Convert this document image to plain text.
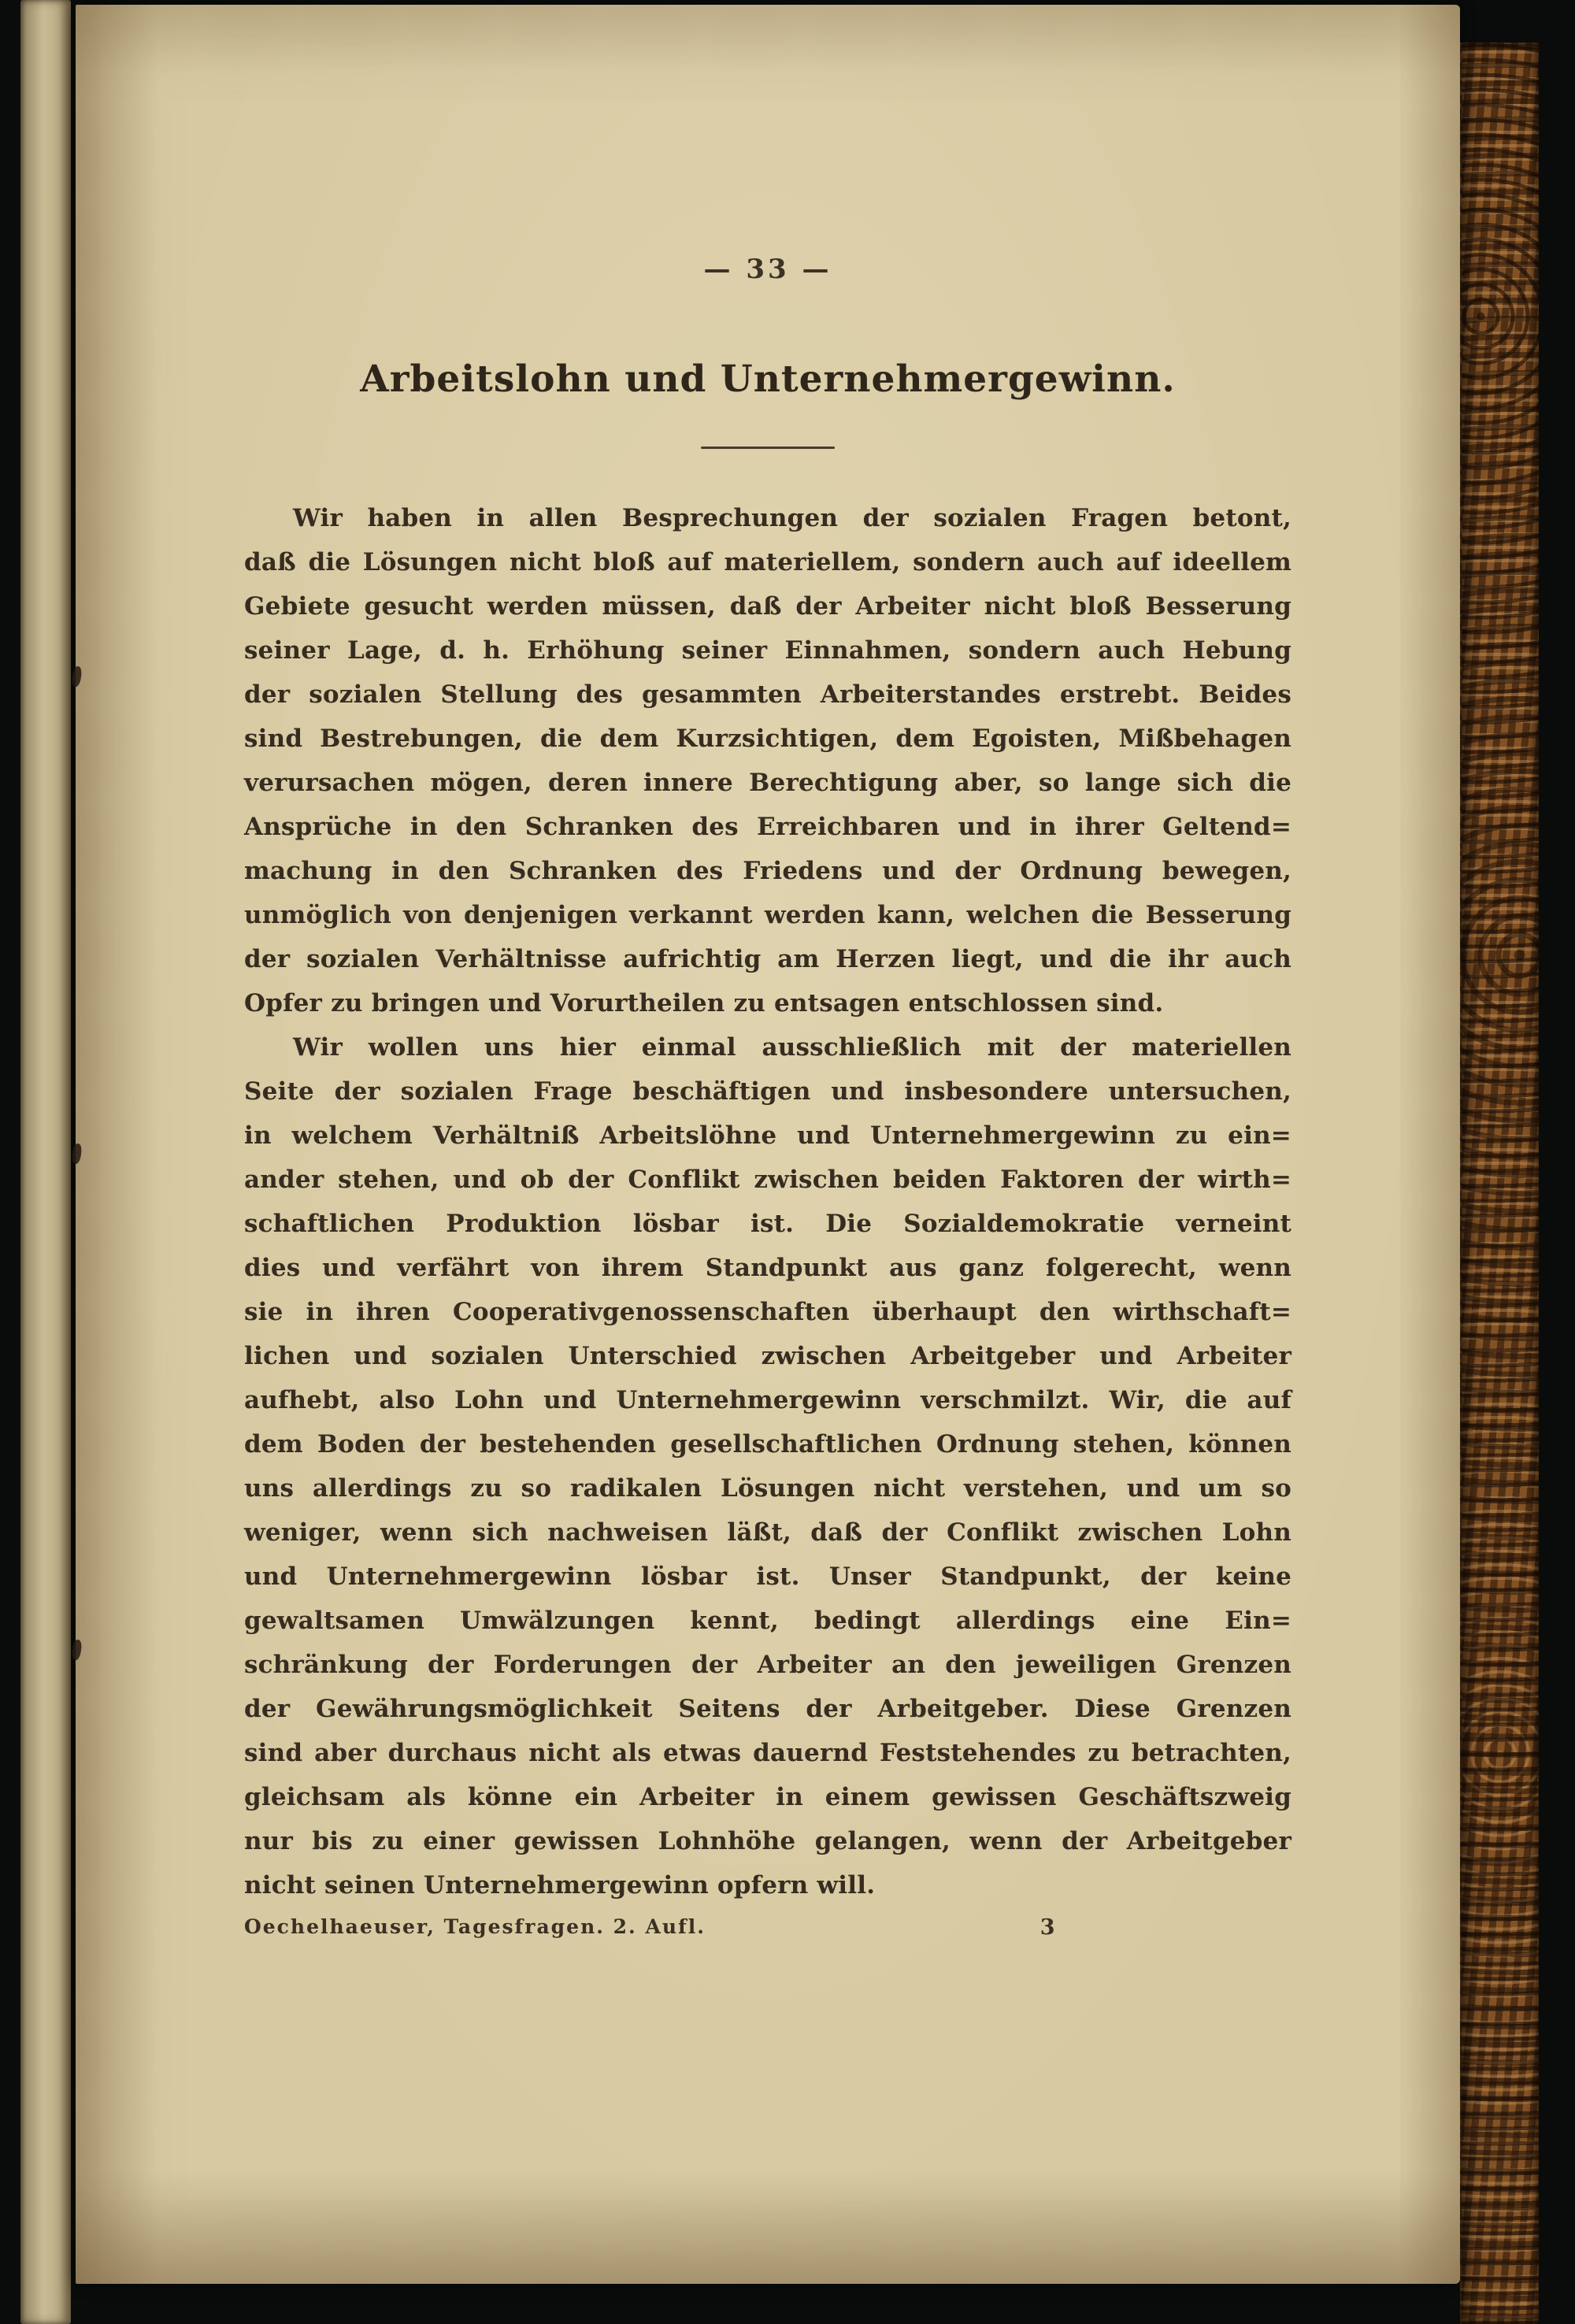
— 33 —
Arbeitslohn und Unternehmergewinn.
Wir haben in allen Besprechungen der sozialen Fragen betont,
daß die Lösungen nicht bloß auf materiellem, sondern auch auf ideellem
Gebiete gesucht werden müssen, daß der Arbeiter nicht bloß Besserung
seiner Lage, d. h. Erhöhung seiner Einnahmen, sondern auch Hebung
der sozialen Stellung des gesammten Arbeiterstandes erstrebt. Beides
sind Bestrebungen, die dem Kurzsichtigen, dem Egoisten, Mißbehagen
verursachen mögen, deren innere Berechtigung aber, so lange sich die
Ansprüche in den Schranken des Erreichbaren und in ihrer Geltend=
machung in den Schranken des Friedens und der Ordnung bewegen,
unmöglich von denjenigen verkannt werden kann, welchen die Besserung
der sozialen Verhältnisse aufrichtig am Herzen liegt, und die ihr auch
Opfer zu bringen und Vorurtheilen zu entsagen entschlossen sind.
Wir wollen uns hier einmal ausschließlich mit der materiellen
Seite der sozialen Frage beschäftigen und insbesondere untersuchen,
in welchem Verhältniß Arbeitslöhne und Unternehmergewinn zu ein=
ander stehen, und ob der Conflikt zwischen beiden Faktoren der wirth=
schaftlichen Produktion lösbar ist. Die Sozialdemokratie verneint
dies und verfährt von ihrem Standpunkt aus ganz folgerecht, wenn
sie in ihren Cooperativgenossenschaften überhaupt den wirthschaft=
lichen und sozialen Unterschied zwischen Arbeitgeber und Arbeiter
aufhebt, also Lohn und Unternehmergewinn verschmilzt. Wir, die auf
dem Boden der bestehenden gesellschaftlichen Ordnung stehen, können
uns allerdings zu so radikalen Lösungen nicht verstehen, und um so
weniger, wenn sich nachweisen läßt, daß der Conflikt zwischen Lohn
und Unternehmergewinn lösbar ist. Unser Standpunkt, der keine
gewaltsamen Umwälzungen kennt, bedingt allerdings eine Ein=
schränkung der Forderungen der Arbeiter an den jeweiligen Grenzen
der Gewährungsmöglichkeit Seitens der Arbeitgeber. Diese Grenzen
sind aber durchaus nicht als etwas dauernd Feststehendes zu betrachten,
gleichsam als könne ein Arbeiter in einem gewissen Geschäftszweig
nur bis zu einer gewissen Lohnhöhe gelangen, wenn der Arbeitgeber
nicht seinen Unternehmergewinn opfern will.
Oechelhaeuser, Tagesfragen. 2. Aufl.	3
